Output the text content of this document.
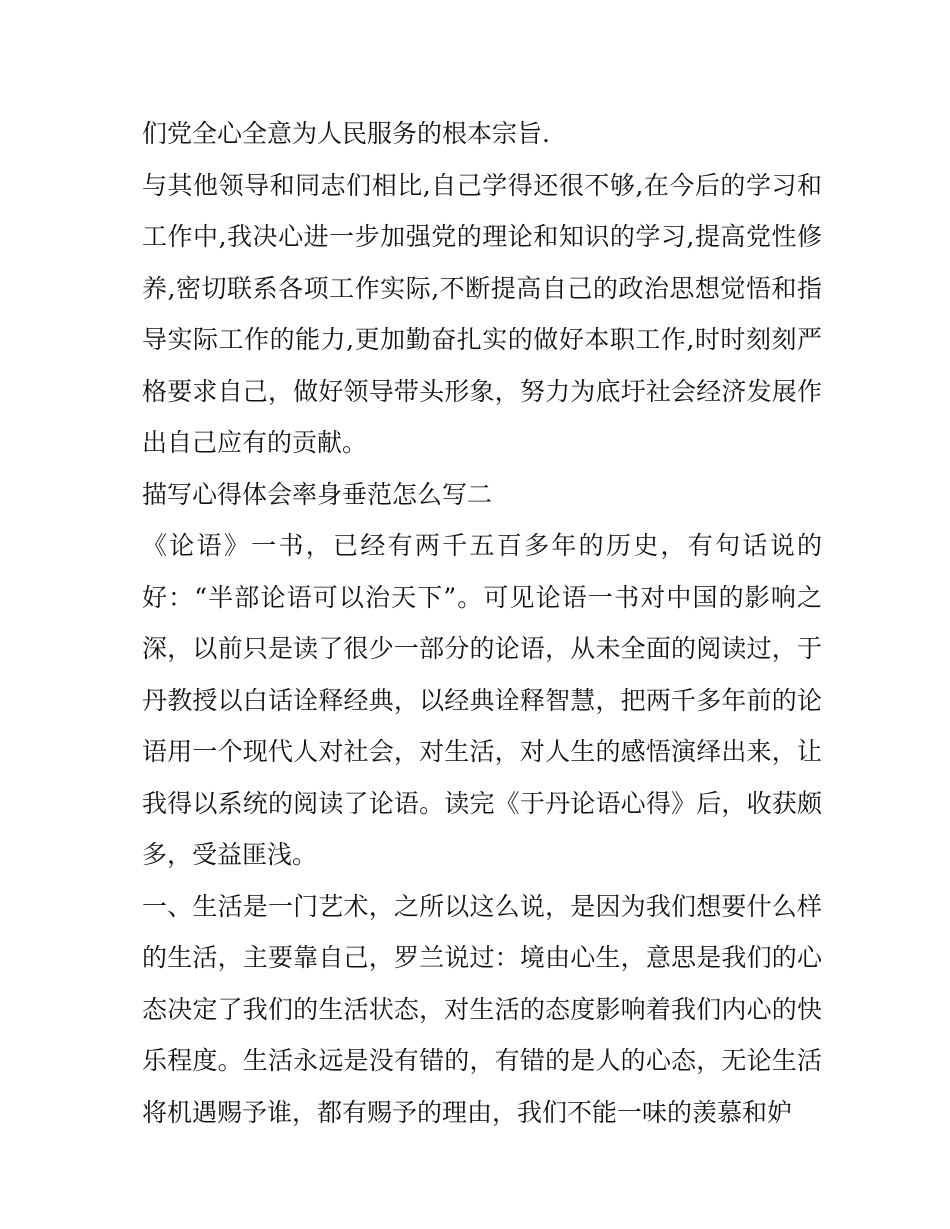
们党全心全意为人民服务的根本宗旨.

与其他领导和同志们相比,自己学得还很不够,在今后的学习和工作中,我决心进一步加强党的理论和知识的学习,提高党性修养,密切联系各项工作实际,不断提高自己的政治思想觉悟和指导实际工作的能力,更加勤奋扎实的做好本职工作,时时刻刻严格要求自己，做好领导带头形象，努力为底圩社会经济发展作出自己应有的贡献。

描写心得体会率身垂范怎么写二

《论语》一书，已经有两千五百多年的历史，有句话说的好：“半部论语可以治天下”。可见论语一书对中国的影响之深，以前只是读了很少一部分的论语，从未全面的阅读过，于丹教授以白话诠释经典，以经典诠释智慧，把两千多年前的论语用一个现代人对社会，对生活，对人生的感悟演绎出来，让我得以系统的阅读了论语。读完《于丹论语心得》后，收获颇多，受益匪浅。

一、生活是一门艺术，之所以这么说，是因为我们想要什么样的生活，主要靠自己，罗兰说过：境由心生，意思是我们的心态决定了我们的生活状态，对生活的态度影响着我们内心的快乐程度。生活永远是没有错的，有错的是人的心态，无论生活将机遇赐予谁，都有赐予的理由，我们不能一味的羡慕和妒
